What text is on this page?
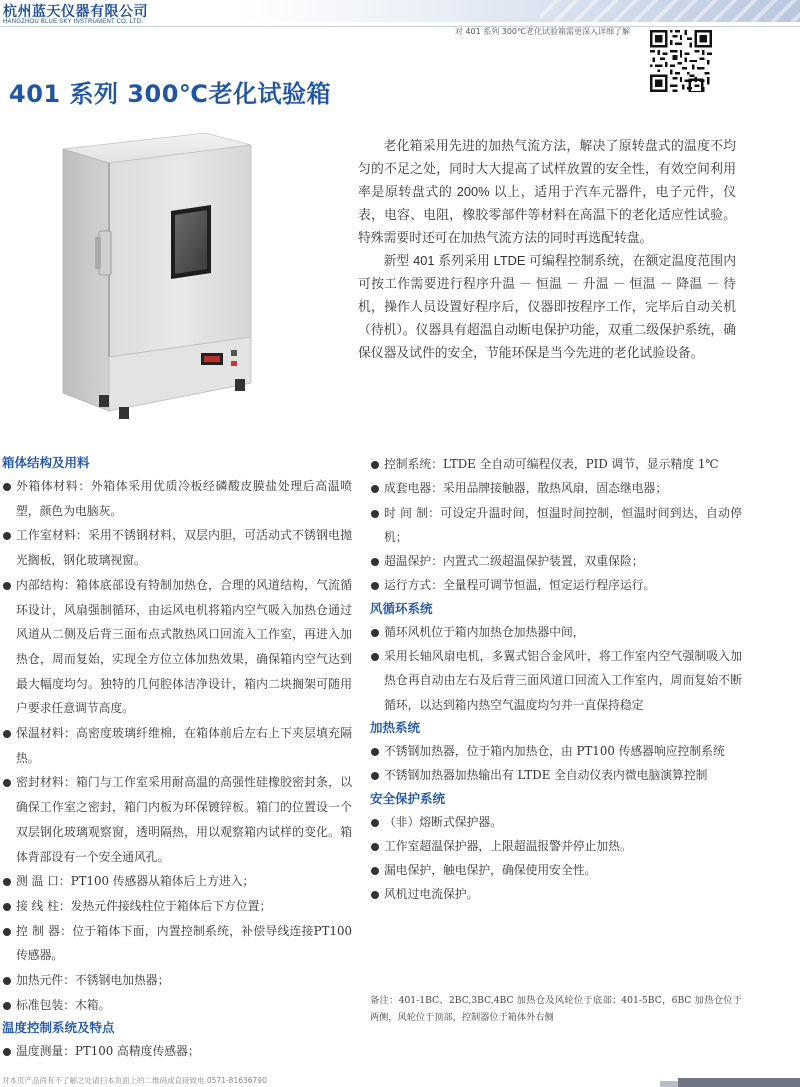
杭州蓝天仪器有限公司
HANGZHOU BLUE SKY INSTRUMENT CO. LTD.
对 401 系列 300℃老化试验箱需更深入详细了解
401 系列 300℃老化试验箱

老化箱采用先进的加热气流方法，解决了原转盘式的温度不均匀的不足之处，同时大大提高了试样放置的安全性，有效空间利用率是原转盘式的 200% 以上，适用于汽车元器件，电子元件，仪表，电容、电阻，橡胶零部件等材料在高温下的老化适应性试验。特殊需要时还可在加热气流方法的同时再选配转盘。

新型 401 系列采用 LTDE 可编程控制系统，在额定温度范围内可按工作需要进行程序升温 － 恒温 － 升温 － 恒温 － 降温 － 待机，操作人员设置好程序后，仪器即按程序工作，完毕后自动关机（待机）。仪器具有超温自动断电保护功能，双重二级保护系统，确保仪器及试件的安全，节能环保是当今先进的老化试验设备。

箱体结构及用料
外箱体材料：外箱体采用优质冷板经磷酸皮膜盐处理后高温喷塑，颜色为电脑灰。
工作室材料：采用不锈钢材料，双层内胆，可活动式不锈钢电抛光搁板，钢化玻璃视窗。
内部结构：箱体底部设有特制加热仓，合理的风道结构，气流循环设计，风扇强制循环，由运风电机将箱内空气吸入加热仓通过风道从二侧及后背三面布点式散热风口回流入工作室，再进入加热仓，周而复始，实现全方位立体加热效果，确保箱内空气达到最大幅度均匀。独特的几何腔体洁净设计，箱内二块搁架可随用户要求任意调节高度。
保温材料：高密度玻璃纤维棉，在箱体前后左右上下夹层填充隔热。
密封材料：箱门与工作室采用耐高温的高强性硅橡胶密封条，以确保工作室之密封，箱门内板为环保镀锌板。箱门的位置设一个双层钢化玻璃观察窗，透明隔热，用以观察箱内试样的变化。箱体背部设有一个安全通风孔。
测 温 口：PT100 传感器从箱体后上方进入；
接 线 柱：发热元件接线柱位于箱体后下方位置；
控 制 器：位于箱体下面，内置控制系统，补偿导线连接PT100 传感器。
加热元件：不锈钢电加热器；
标准包装：木箱。
温度控制系统及特点
温度测量：PT100 高精度传感器；
控制系统：LTDE 全自动可编程仪表，PID 调节，显示精度 1℃
成套电器：采用品牌接触器，散热风扇，固态继电器；
时 间 制：可设定升温时间，恒温时间控制，恒温时间到达，自动停机；
超温保护：内置式二级超温保护装置，双重保险；
运行方式：全量程可调节恒温，恒定运行程序运行。
风循环系统
循环风机位于箱内加热仓加热器中间，
采用长轴风扇电机，多翼式铝合金风叶，将工作室内空气强制吸入加热仓再自动由左右及后背三面风道口回流入工作室内，周而复始不断循环，以达到箱内热空气温度均匀并一直保持稳定
加热系统
不锈钢加热器，位于箱内加热仓，由 PT100 传感器响应控制系统
不锈钢加热器加热输出有 LTDE 全自动仪表内微电脑演算控制
安全保护系统
（非）熔断式保护器。
工作室超温保护器，上限超温报警并停止加热。
漏电保护，触电保护，确保使用安全性。
风机过电流保护。
备注：401-1BC、2BC,3BC,4BC 加热仓及风轮位于底部；401-5BC，6BC 加热仓位于两侧，风轮位于顶部，控制器位于箱体外右侧
对本页产品尚有不了解之处请扫本页面上的二维码或直接致电 0571-81636790
